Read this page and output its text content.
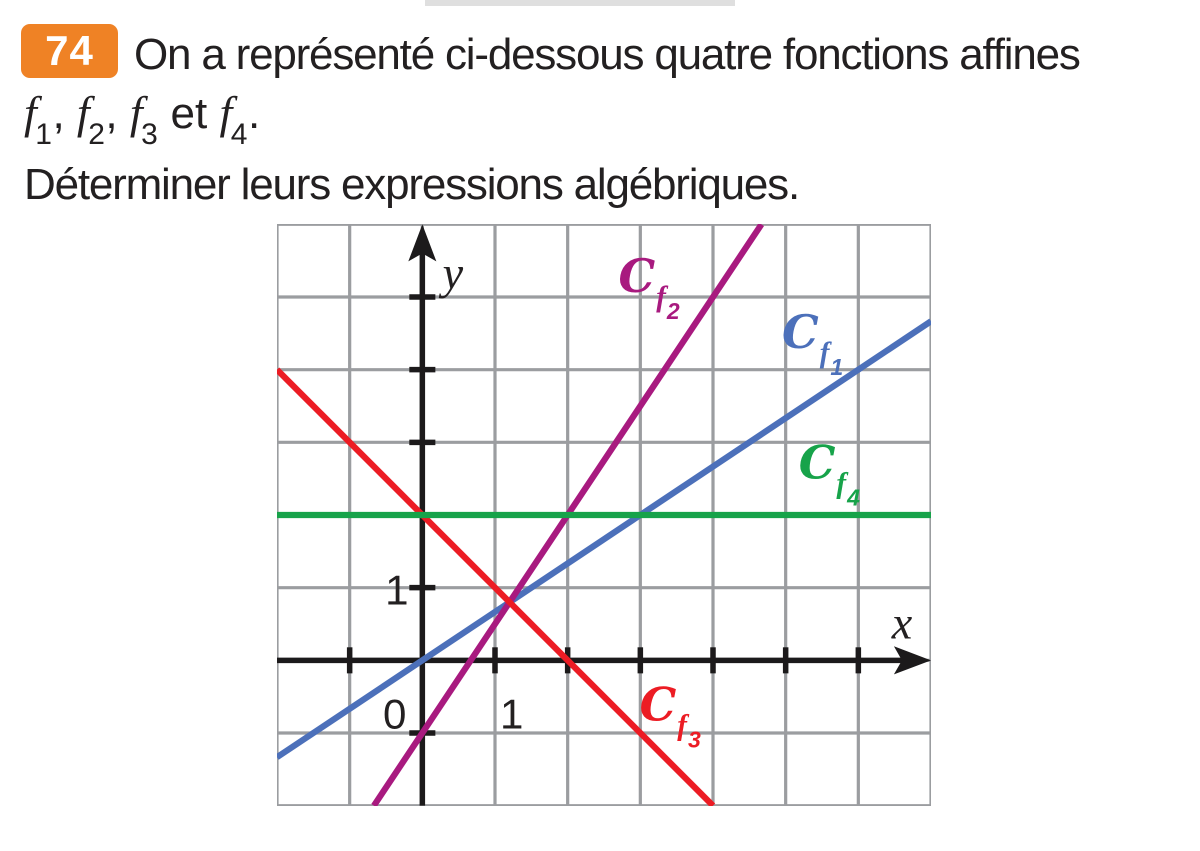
74 On a représenté ci-dessous quatre fonctions affines
$f_1$, $f_2$, $f_3$ et $f_4$.
Déterminer leurs expressions algébriques.
$C_{f1}$
$C_{f2}$
$C_{f3}$
$C_{f4}$
1
0 1
y
x
